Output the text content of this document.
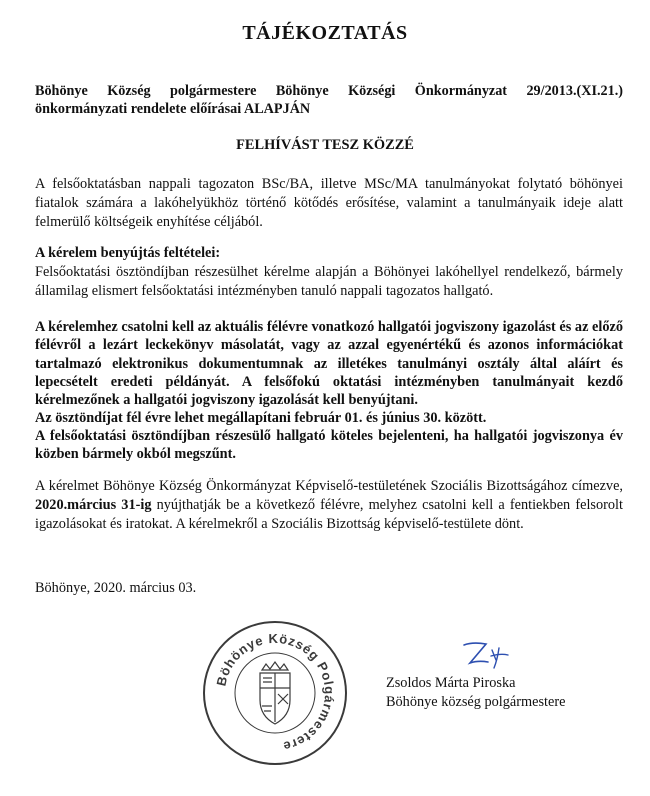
TÁJÉKOZTATÁS
Böhönye Község polgármestere Böhönye Községi Önkormányzat 29/2013.(XI.21.) önkormányzati rendelete előírásai ALAPJÁN
FELHÍVÁST TESZ KÖZZÉ
A felsőoktatásban nappali tagozaton BSc/BA, illetve MSc/MA tanulmányokat folytató böhönyei fiatalok számára a lakóhelyükhöz történő kötődés erősítése, valamint a tanulmányaik ideje alatt felmerülő költségeik enyhítése céljából.
A kérelem benyújtás feltételei:
Felsőoktatási ösztöndíjban részesülhet kérelme alapján a Böhönyei lakóhellyel rendelkező, bármely államilag elismert felsőoktatási intézményben tanuló nappali tagozatos hallgató.
A kérelemhez csatolni kell az aktuális félévre vonatkozó hallgatói jogviszony igazolást és az előző félévről a lezárt leckekönyv másolatát, vagy az azzal egyenértékű és azonos információkat tartalmazó elektronikus dokumentumnak az illetékes tanulmányi osztály által aláírt és lepecsételt eredeti példányát. A felsőfokú oktatási intézményben tanulmányait kezdő kérelmezőnek a hallgatói jogviszony igazolását kell benyújtani.
Az ösztöndíjat fél évre lehet megállapítani február 01. és június 30. között.
A felsőoktatási ösztöndíjban részesülő hallgató köteles bejelenteni, ha hallgatói jogviszonya év közben bármely okból megszűnt.
A kérelmet Böhönye Község Önkormányzat Képviselő-testületének Szociális Bizottságához címezve, 2020.március 31-ig nyújthatják be a következő félévre, melyhez csatolni kell a fentiekben felsorolt igazolásokat és iratokat. A kérelmekről a Szociális Bizottság képviselő-testülete dönt.
Böhönye, 2020. március 03.
Böhönye Község Polgármestere
Zsoldos Márta Piroska
Böhönye község polgármestere
